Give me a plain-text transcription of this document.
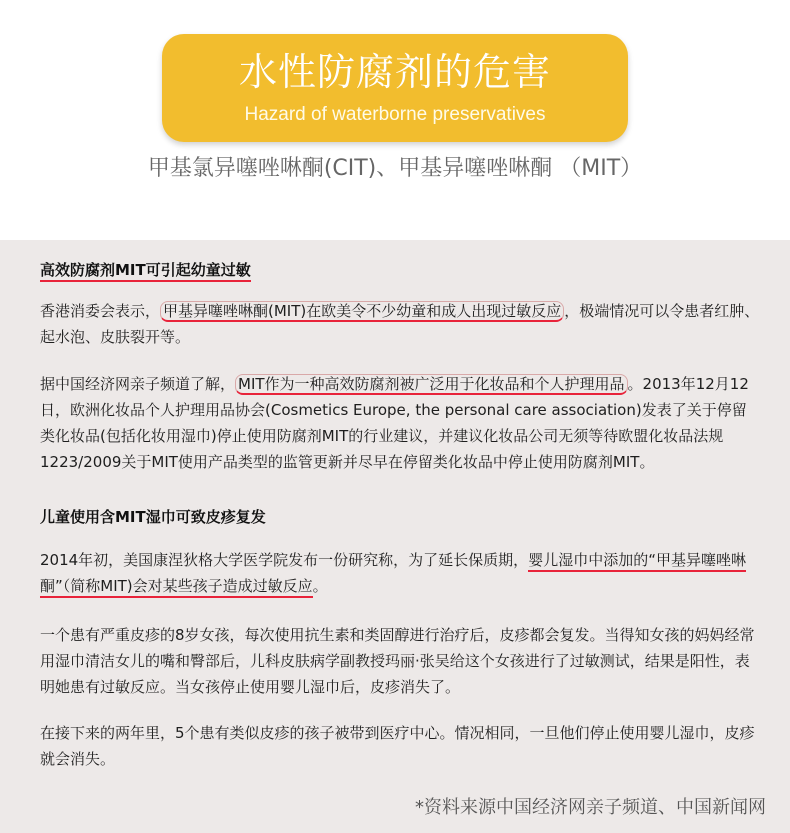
水性防腐剂的危害
Hazard of waterborne preservatives
甲基氯异噻唑啉酮(CIT)、甲基异噻唑啉酮 （MIT）
高效防腐剂MIT可引起幼童过敏
香港消委会表示， 甲基异噻唑啉酮(MIT)在欧美令不少幼童和成人出现过敏反应 ，极端情况可以令患者红肿、起水泡、皮肤裂开等。
据中国经济网亲子频道了解， MIT作为一种高效防腐剂被广泛用于化妆品和个人护理用品 。2013年12月12日，欧洲化妆品个人护理用品协会(Cosmetics Europe, the personal care association)发表了关于停留类化妆品(包括化妆用湿巾)停止使用防腐剂MIT的行业建议，并建议化妆品公司无须等待欧盟化妆品法规1223/2009关于MIT使用产品类型的监管更新并尽早在停留类化妆品中停止使用防腐剂MIT。
儿童使用含MIT湿巾可致皮疹复发
2014年初，美国康涅狄格大学医学院发布一份研究称，为了延长保质期，婴儿湿巾中添加的“甲基异噻唑啉酮”（简称MIT)会对某些孩子造成过敏反应。
一个患有严重皮疹的8岁女孩，每次使用抗生素和类固醇进行治疗后，皮疹都会复发。当得知女孩的妈妈经常用湿巾清洁女儿的嘴和臀部后，儿科皮肤病学副教授玛丽·张吴给这个女孩进行了过敏测试，结果是阳性，表明她患有过敏反应。当女孩停止使用婴儿湿巾后，皮疹消失了。
在接下来的两年里，5个患有类似皮疹的孩子被带到医疗中心。情况相同，一旦他们停止使用婴儿湿巾，皮疹就会消失。
*资料来源中国经济网亲子频道、中国新闻网
